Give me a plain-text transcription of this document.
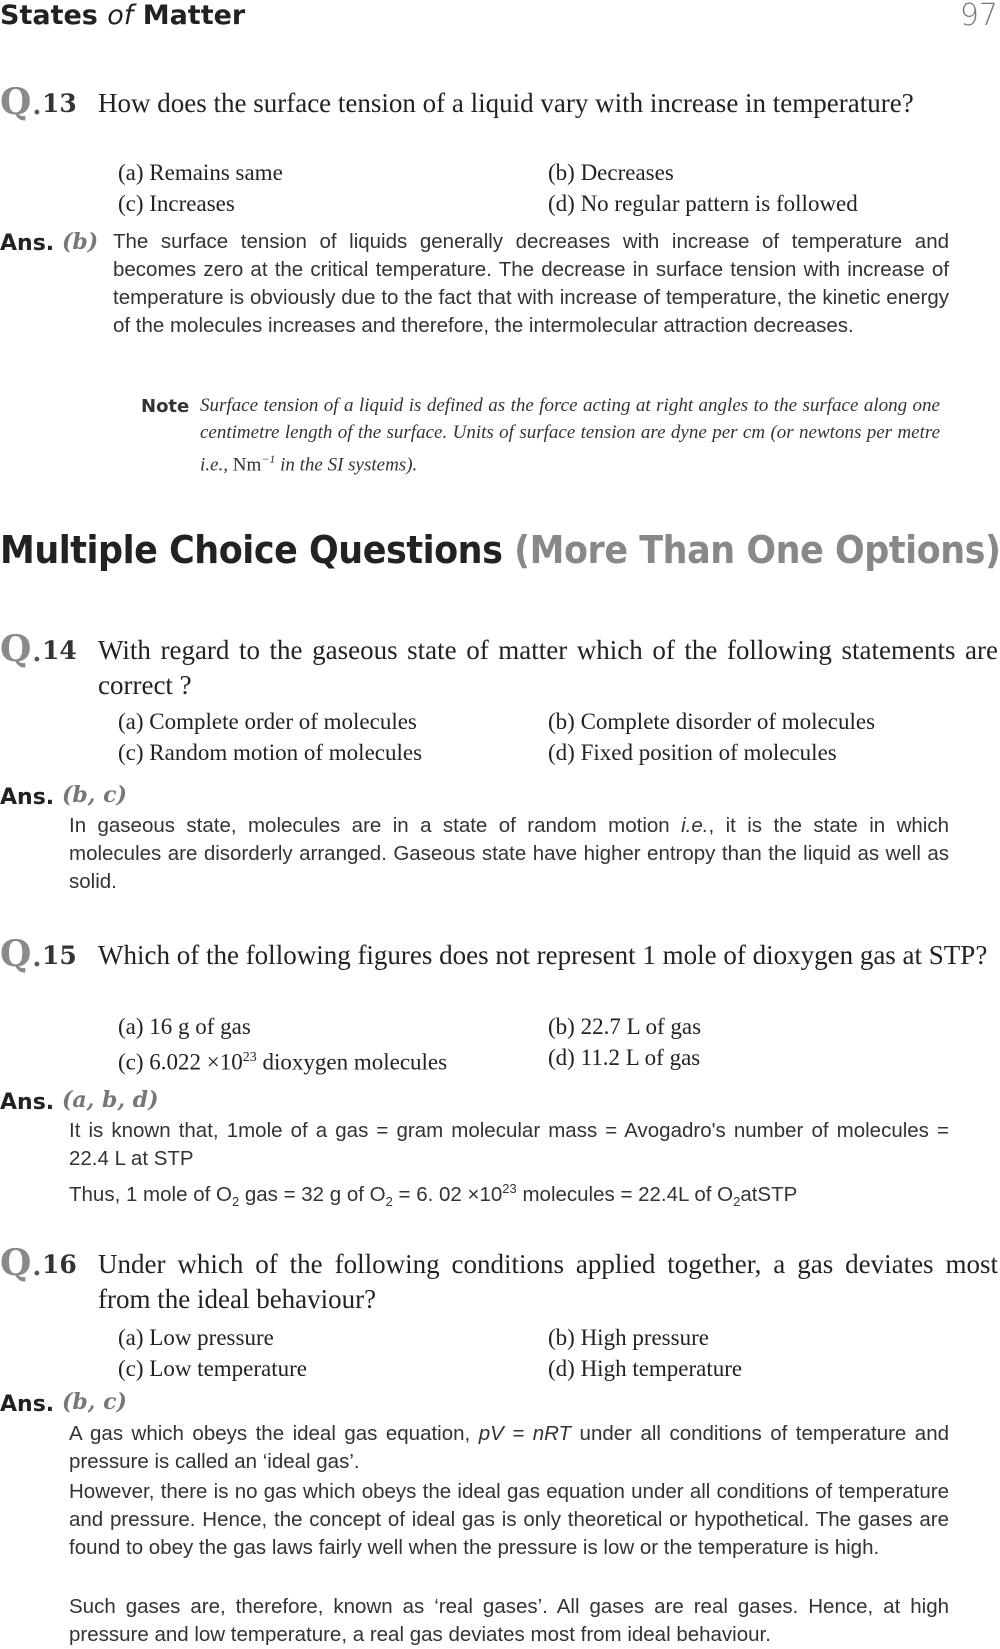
States of Matter	97
Q. 13 How does the surface tension of a liquid vary with increase in temperature?
(a) Remains same	(b) Decreases
(c) Increases	(d) No regular pattern is followed
Ans. (b) The surface tension of liquids generally decreases with increase of temperature and becomes zero at the critical temperature. The decrease in surface tension with increase of temperature is obviously due to the fact that with increase of temperature, the kinetic energy of the molecules increases and therefore, the intermolecular attraction decreases.
Note Surface tension of a liquid is defined as the force acting at right angles to the surface along one centimetre length of the surface. Units of surface tension are dyne per cm (or newtons per metre i.e., $Nm^{-1}$ in the SI systems).
Multiple Choice Questions (More Than One Options)
Q. 14 With regard to the gaseous state of matter which of the following statements are correct ?
(a) Complete order of molecules	(b) Complete disorder of molecules
(c) Random motion of molecules	(d) Fixed position of molecules
Ans. (b, c)
In gaseous state, molecules are in a state of random motion i.e., it is the state in which molecules are disorderly arranged. Gaseous state have higher entropy than the liquid as well as solid.
Q. 15 Which of the following figures does not represent 1 mole of dioxygen gas at STP?
(a) 16 g of gas	(b) 22.7 L of gas
(c) $6.022 \times 10^{23}$ dioxygen molecules	(d) 11.2 L of gas
Ans. (a, b, d)
It is known that, 1mole of a gas = gram molecular mass = Avogadro's number of molecules = 22.4 L at STP
Thus, 1 mole of $O_2$ gas = 32 g of $O_2 = 6$. $02 \times 10^{23}$ molecules = 22.4L of $O_2atSTP$
Q. 16 Under which of the following conditions applied together, a gas deviates most from the ideal behaviour?
(a) Low pressure	(b) High pressure
(c) Low temperature	(d) High temperature
Ans. (b, c)
A gas which obeys the ideal gas equation, pV = nRT under all conditions of temperature and pressure is called an ‘ideal gas’.
However, there is no gas which obeys the ideal gas equation under all conditions of temperature and pressure. Hence, the concept of ideal gas is only theoretical or hypothetical. The gases are found to obey the gas laws fairly well when the pressure is low or the temperature is high.
Such gases are, therefore, known as ‘real gases’. All gases are real gases. Hence, at high pressure and low temperature, a real gas deviates most from ideal behaviour.
